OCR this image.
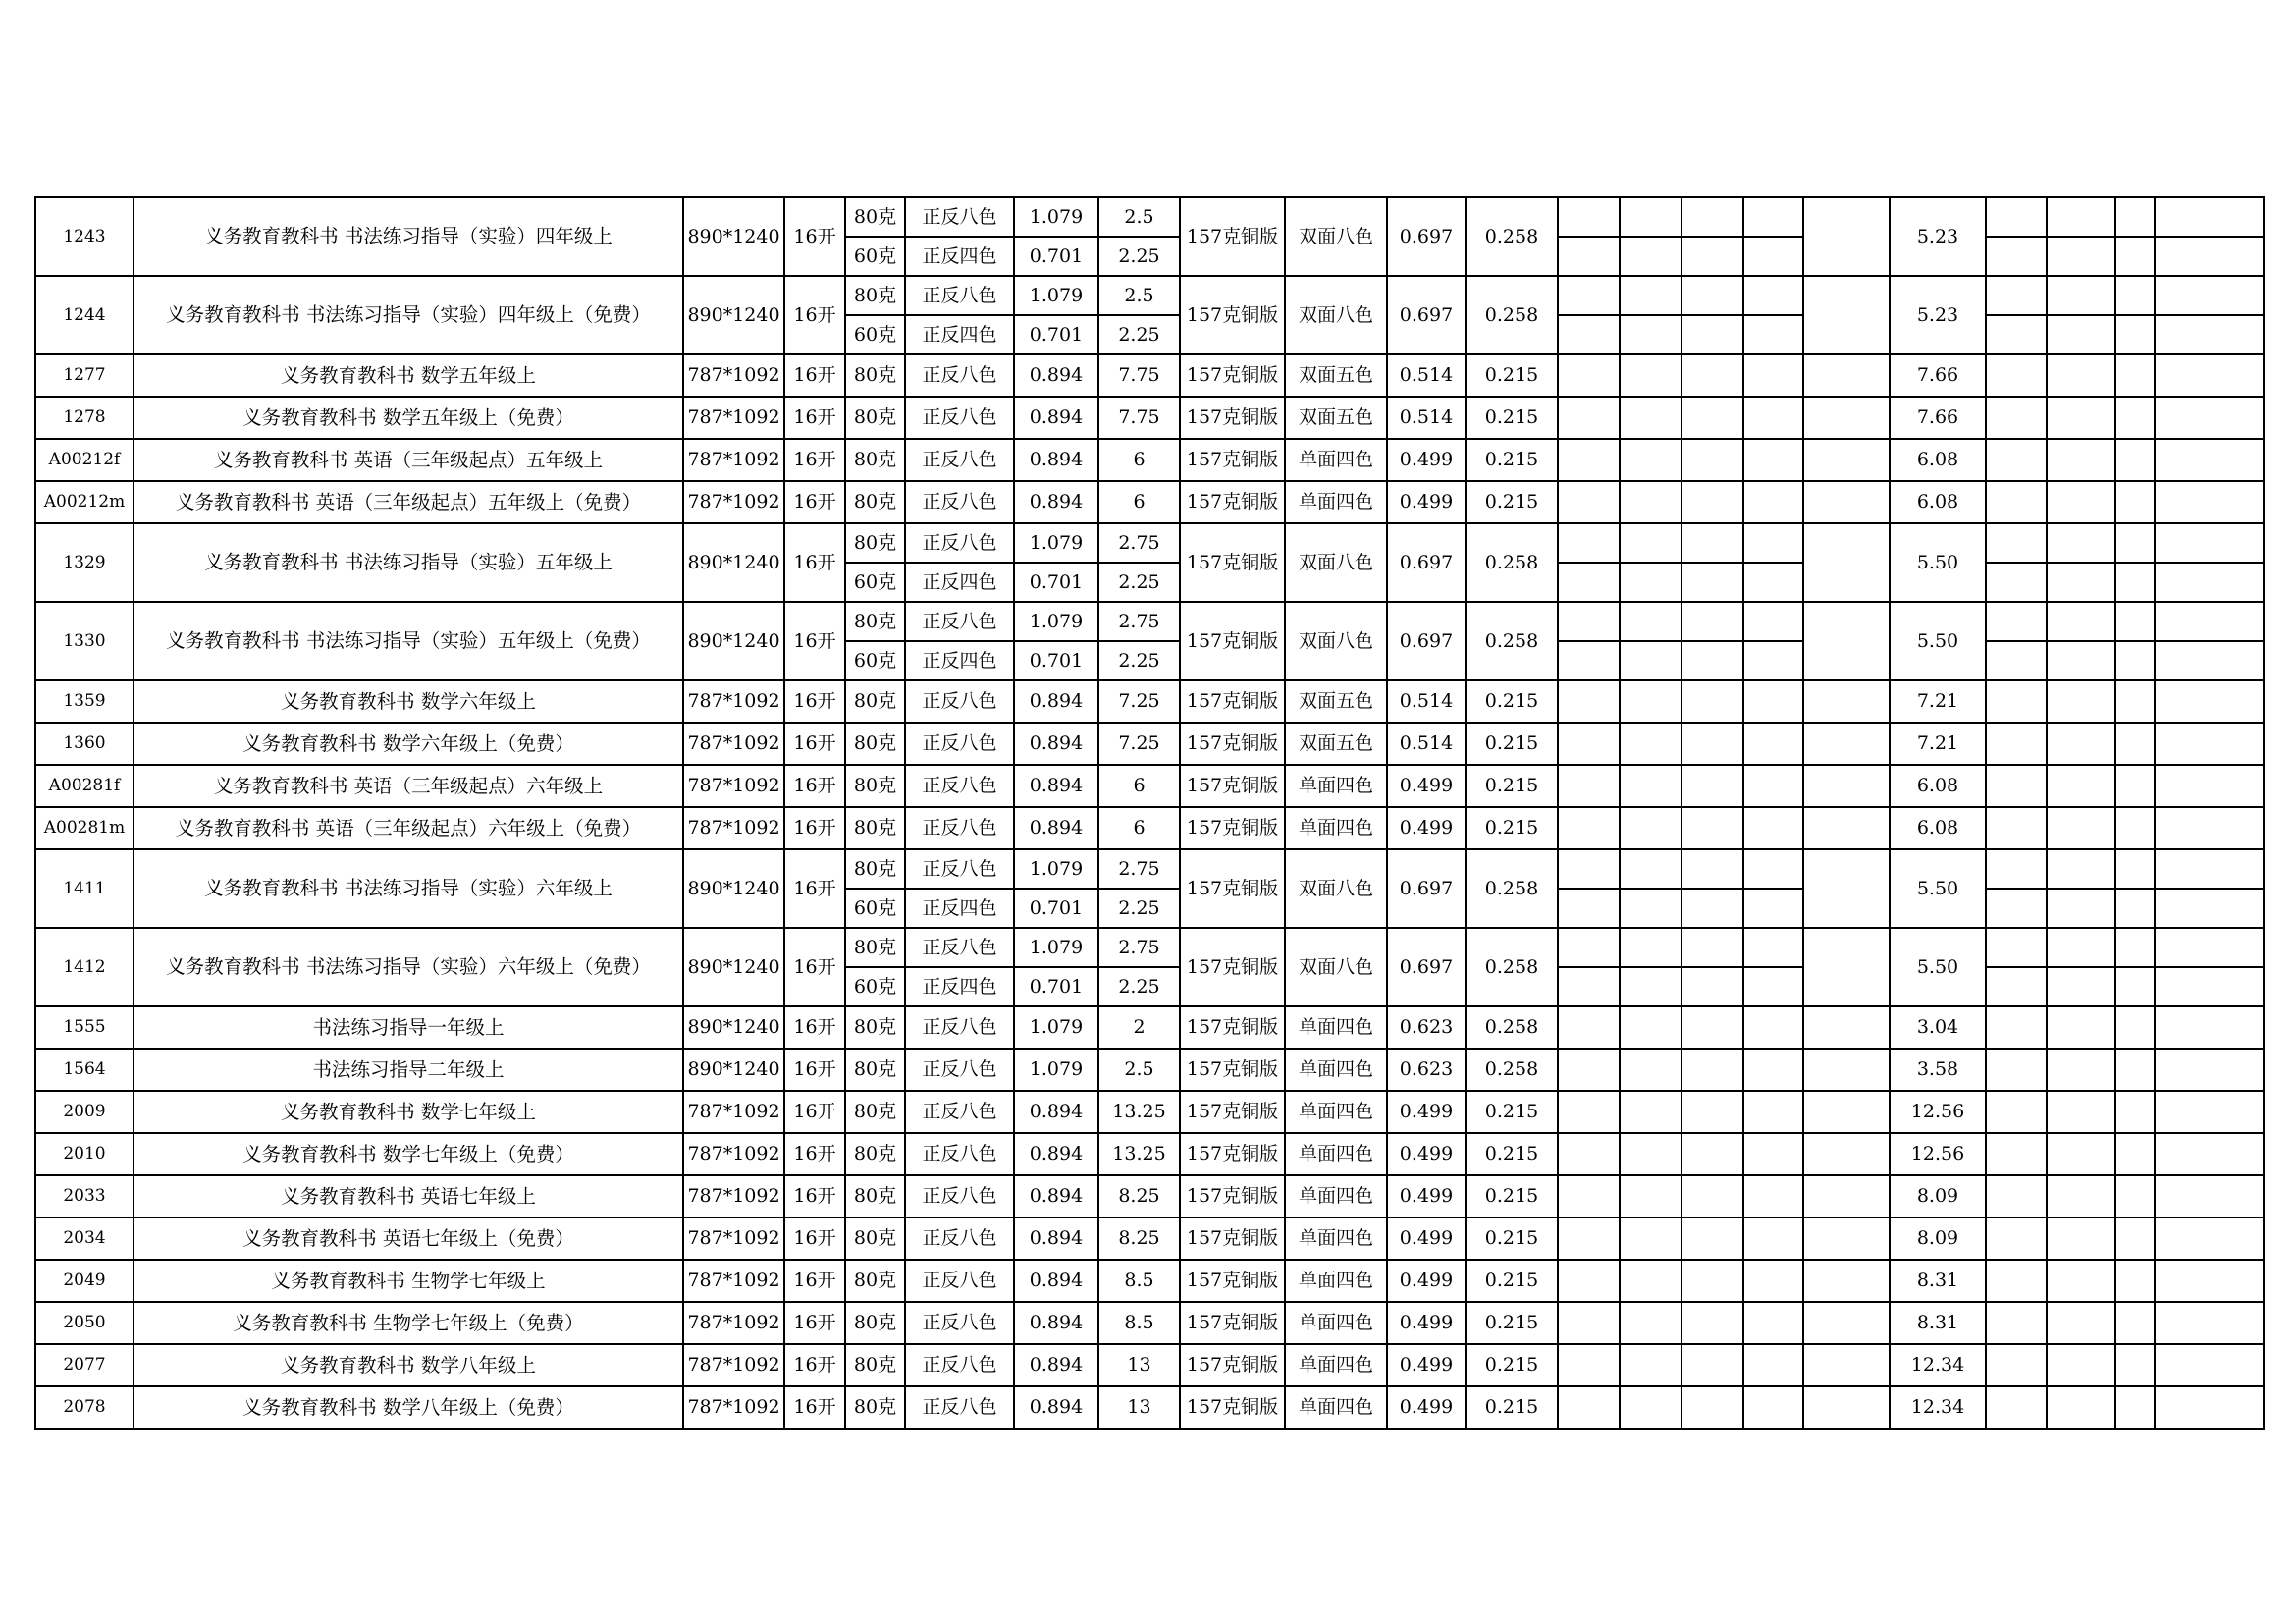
1243	义务教育教科书 书法练习指导（实验）四年级上	890*1240	16开	80克	正反八色	1.079	2.5	157克铜版	双面八色	0.697	0.258						5.23				
				60克	正反四色	0.701	2.25														
1244	义务教育教科书 书法练习指导（实验）四年级上（免费）	890*1240	16开	80克	正反八色	1.079	2.5	157克铜版	双面八色	0.697	0.258						5.23				
				60克	正反四色	0.701	2.25														
1277	义务教育教科书 数学五年级上	787*1092	16开	80克	正反八色	0.894	7.75	157克铜版	双面五色	0.514	0.215						7.66				
1278	义务教育教科书 数学五年级上（免费）	787*1092	16开	80克	正反八色	0.894	7.75	157克铜版	双面五色	0.514	0.215						7.66				
A00212f	义务教育教科书 英语（三年级起点）五年级上	787*1092	16开	80克	正反八色	0.894	6	157克铜版	单面四色	0.499	0.215						6.08				
A00212m	义务教育教科书 英语（三年级起点）五年级上（免费）	787*1092	16开	80克	正反八色	0.894	6	157克铜版	单面四色	0.499	0.215						6.08				
1329	义务教育教科书 书法练习指导（实验）五年级上	890*1240	16开	80克	正反八色	1.079	2.75	157克铜版	双面八色	0.697	0.258						5.50				
				60克	正反四色	0.701	2.25														
1330	义务教育教科书 书法练习指导（实验）五年级上（免费）	890*1240	16开	80克	正反八色	1.079	2.75	157克铜版	双面八色	0.697	0.258						5.50				
				60克	正反四色	0.701	2.25														
1359	义务教育教科书 数学六年级上	787*1092	16开	80克	正反八色	0.894	7.25	157克铜版	双面五色	0.514	0.215						7.21				
1360	义务教育教科书 数学六年级上（免费）	787*1092	16开	80克	正反八色	0.894	7.25	157克铜版	双面五色	0.514	0.215						7.21				
A00281f	义务教育教科书 英语（三年级起点）六年级上	787*1092	16开	80克	正反八色	0.894	6	157克铜版	单面四色	0.499	0.215						6.08				
A00281m	义务教育教科书 英语（三年级起点）六年级上（免费）	787*1092	16开	80克	正反八色	0.894	6	157克铜版	单面四色	0.499	0.215						6.08				
1411	义务教育教科书 书法练习指导（实验）六年级上	890*1240	16开	80克	正反八色	1.079	2.75	157克铜版	双面八色	0.697	0.258						5.50				
				60克	正反四色	0.701	2.25														
1412	义务教育教科书 书法练习指导（实验）六年级上（免费）	890*1240	16开	80克	正反八色	1.079	2.75	157克铜版	双面八色	0.697	0.258						5.50				
				60克	正反四色	0.701	2.25														
1555	书法练习指导一年级上	890*1240	16开	80克	正反八色	1.079	2	157克铜版	单面四色	0.623	0.258						3.04				
1564	书法练习指导二年级上	890*1240	16开	80克	正反八色	1.079	2.5	157克铜版	单面四色	0.623	0.258						3.58				
2009	义务教育教科书 数学七年级上	787*1092	16开	80克	正反八色	0.894	13.25	157克铜版	单面四色	0.499	0.215						12.56				
2010	义务教育教科书 数学七年级上（免费）	787*1092	16开	80克	正反八色	0.894	13.25	157克铜版	单面四色	0.499	0.215						12.56				
2033	义务教育教科书 英语七年级上	787*1092	16开	80克	正反八色	0.894	8.25	157克铜版	单面四色	0.499	0.215						8.09				
2034	义务教育教科书 英语七年级上（免费）	787*1092	16开	80克	正反八色	0.894	8.25	157克铜版	单面四色	0.499	0.215						8.09				
2049	义务教育教科书 生物学七年级上	787*1092	16开	80克	正反八色	0.894	8.5	157克铜版	单面四色	0.499	0.215						8.31				
2050	义务教育教科书 生物学七年级上（免费）	787*1092	16开	80克	正反八色	0.894	8.5	157克铜版	单面四色	0.499	0.215						8.31				
2077	义务教育教科书 数学八年级上	787*1092	16开	80克	正反八色	0.894	13	157克铜版	单面四色	0.499	0.215						12.34				
2078	义务教育教科书 数学八年级上（免费）	787*1092	16开	80克	正反八色	0.894	13	157克铜版	单面四色	0.499	0.215						12.34				
